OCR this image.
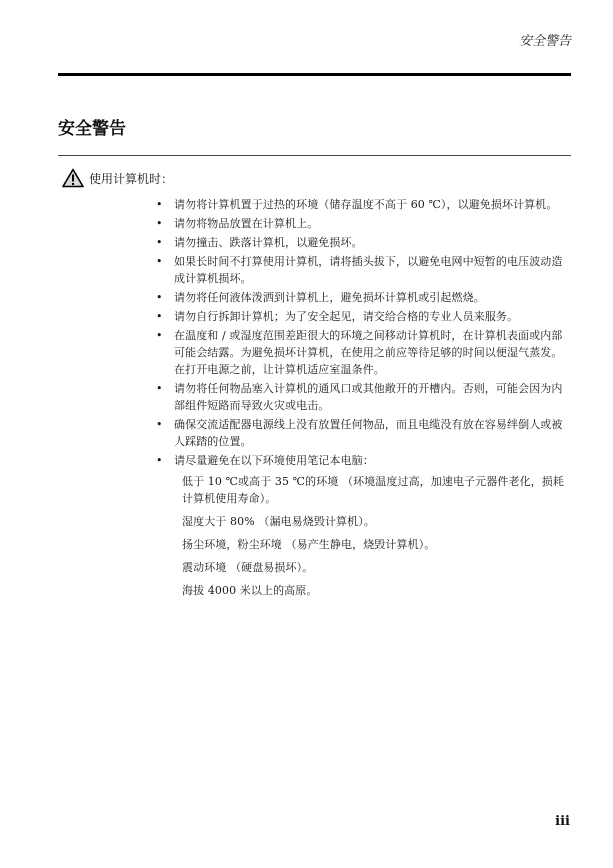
安全警告
安全警告
使用计算机时：
• 请勿将计算机置于过热的环境（储存温度不高于 60 ℃），以避免损坏计算机。
• 请勿将物品放置在计算机上。
• 请勿撞击、跌落计算机，以避免损坏。
• 如果长时间不打算使用计算机，请将插头拔下，以避免电网中短暂的电压波动造成计算机损坏。
• 请勿将任何液体泼洒到计算机上，避免损坏计算机或引起燃烧。
• 请勿自行拆卸计算机；为了安全起见，请交给合格的专业人员来服务。
• 在温度和 / 或湿度范围差距很大的环境之间移动计算机时，在计算机表面或内部可能会结露。为避免损坏计算机，在使用之前应等待足够的时间以便湿气蒸发。在打开电源之前，让计算机适应室温条件。
• 请勿将任何物品塞入计算机的通风口或其他敞开的开槽内。否则，可能会因为内部组件短路而导致火灾或电击。
• 确保交流适配器电源线上没有放置任何物品，而且电缆没有放在容易绊倒人或被人踩踏的位置。
• 请尽量避免在以下环境使用笔记本电脑：
低于 10 ℃或高于 35 ℃的环境 （环境温度过高，加速电子元器件老化，损耗计算机使用寿命）。
湿度大于 80% （漏电易烧毁计算机）。
扬尘环境，粉尘环境 （易产生静电，烧毁计算机）。
震动环境 （硬盘易损坏）。
海拔 4000 米以上的高原。
iii
